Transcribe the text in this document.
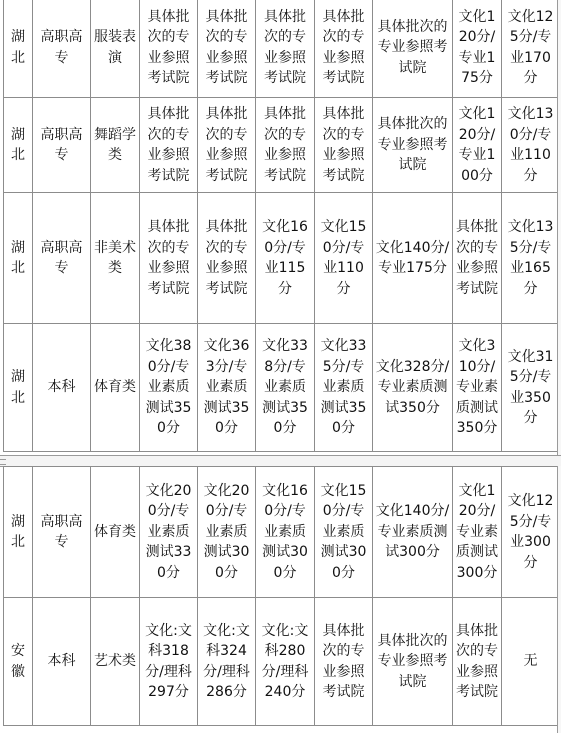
湖北	高职高专	服装表演	具体批次的专业参照考试院	具体批次的专业参照考试院	具体批次的专业参照考试院	具体批次的专业参照考试院	具体批次的专业参照考试院	文化120分/专业175分	文化125分/专业170分
湖北	高职高专	舞蹈学类	具体批次的专业参照考试院	具体批次的专业参照考试院	具体批次的专业参照考试院	具体批次的专业参照考试院	具体批次的专业参照考试院	文化120分/专业100分	文化130分/专业110分
湖北	高职高专	非美术类	具体批次的专业参照考试院	具体批次的专业参照考试院	文化160分/专业115分	文化150分/专业110分	文化140分/专业175分	具体批次的专业参照考试院	文化135分/专业165分
湖北	本科	体育类	文化380分/专业素质测试350分	文化363分/专业素质测试350分	文化338分/专业素质测试350分	文化335分/专业素质测试350分	文化328分/专业素质测试350分	文化310分/专业素质测试350分	文化315分/专业350分
湖北	高职高专	体育类	文化200分/专业素质测试330分	文化200分/专业素质测试300分	文化160分/专业素质测试300分	文化150分/专业素质测试300分	文化140分/专业素质测试300分	文化120分/专业素质测试300分	文化125分/专业300分
安徽	本科	艺术类	文化:文科318分/理科297分	文化:文科324分/理科286分	文化:文科280分/理科240分	具体批次的专业参照考试院	具体批次的专业参照考试院	具体批次的专业参照考试院	无
